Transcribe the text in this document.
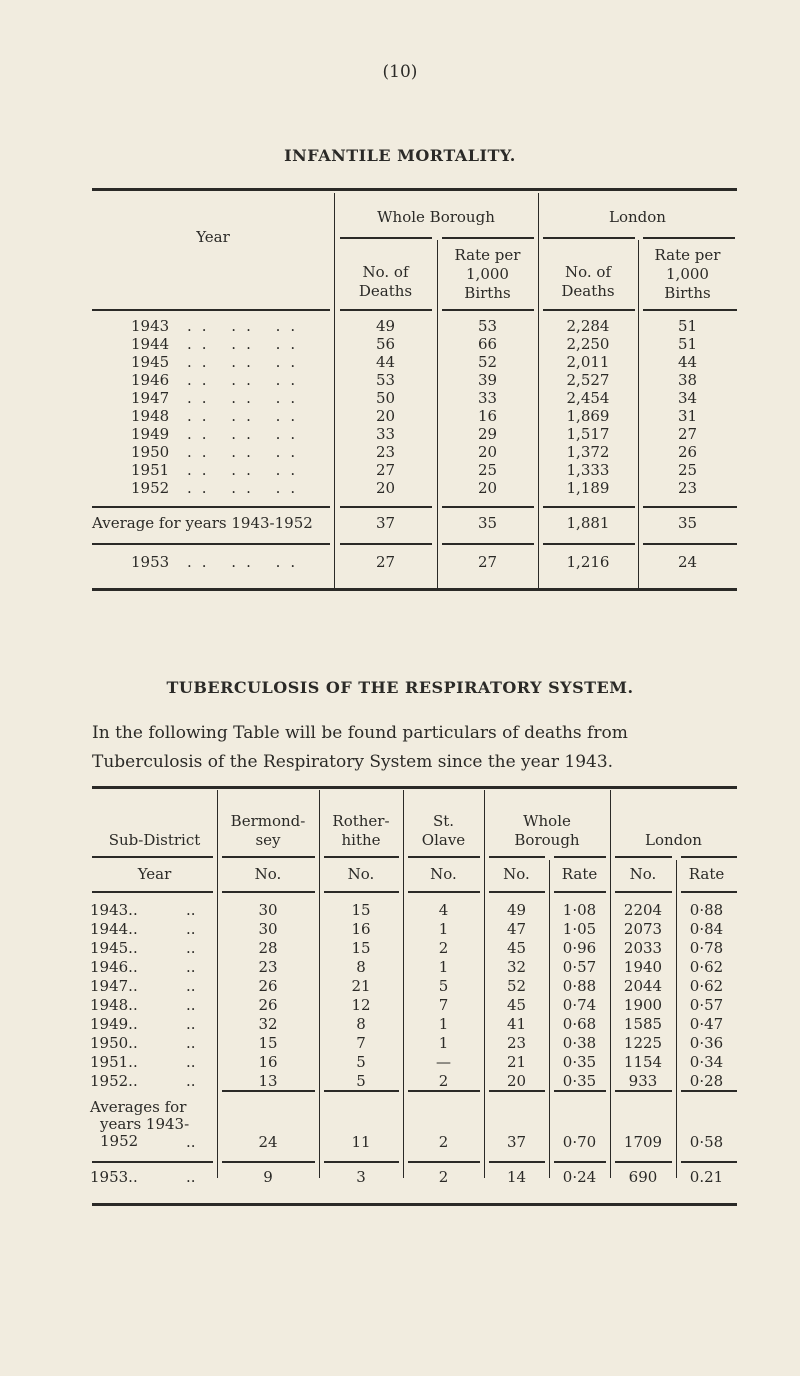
(10)
INFANTILE MORTALITY.
Year
Whole Borough	London
No. of
Deaths
Rate per
1,000
Births
No. of
Deaths
Rate per
1,000
Births
1943	.. .. ..	49	53	2,284	51
1944	.. .. ..	56	66	2,250	51
1945	.. .. ..	44	52	2,011	44
1946	.. .. ..	53	39	2,527	38
1947	.. .. ..	50	33	2,454	34
1948	.. .. ..	20	16	1,869	31
1949	.. .. ..	33	29	1,517	27
1950	.. .. ..	23	20	1,372	26
1951	.. .. ..	27	25	1,333	25
1952	.. .. ..	20	20	1,189	23
Average for years 1943-1952	37	35	1,881	35
1953 .. .. ..	27	27	1,216	24
TUBERCULOSIS OF THE RESPIRATORY SYSTEM.
In the following Table will be found particulars of deaths from Tuberculosis of the Respiratory System since the year 1943.
Sub-District
Bermond-
sey
Rother-
hithe
St.
Olave
Whole
Borough	London
Year	No.	No.	No.	No.	Rate	No.	Rate
1943..	..	30	15	4	49	1·08	2204	0·88
1944..	..	30	16	1	47	1·05	2073	0·84
1945..	..	28	15	2	45	0·96	2033	0·78
1946..	..	23	8	1	32	0·57	1940	0·62
1947..	..	26	21	5	52	0·88	2044	0·62
1948..	..	26	12	7	45	0·74	1900	0·57
1949..	..	32	8	1	41	0·68	1585	0·47
1950..	..	15	7	1	23	0·38	1225	0·36
1951..	..	16	5	—	21	0·35	1154	0·34
1952..	..	13	5	2	20	0·35	933	0·28
Averages for
years 1943-
1952	..	24	11	2	37	0·70	1709	0·58
1953..	..	9	3	2	14	0·24	690	0.21
